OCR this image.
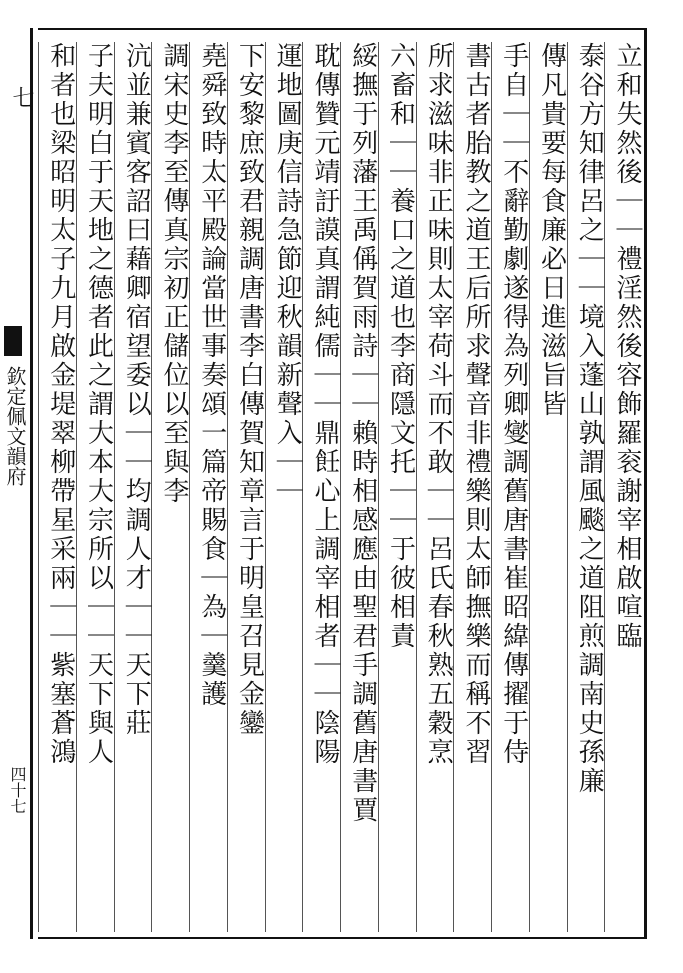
七
欽定佩文韻府
四十七
立和失然後｜｜禮淫然後容飾羅衮謝宰相啟喧臨
泰谷方知律呂之｜｜境入蓬山孰謂風颷之道阻煎調南史孫廉
傳凡貴要每食廉必日進滋旨皆
手自｜｜不辭勤劇遂得為列卿燮調舊唐書崔昭緯傳擢于侍
書古者胎教之道王后所求聲音非禮樂則太師撫樂而稱不習
所求滋味非正味則太宰荷斗而不敢｜｜呂氏春秋熟五穀烹
六畜和｜｜養口之道也李商隱文托｜｜于彼相責
綏撫于列藩王禹偁賀雨詩｜｜賴時相感應由聖君手調舊唐書賈
耽傳贊元靖訏謨真謂純儒｜｜鼎飪心上調宰相者｜｜陰陽
運地圖庚信詩急節迎秋韻新聲入｜｜
下安黎庶致君親調唐書李白傳賀知章言于明皇召見金鑾
堯舜致時太平殿論當世事奏頌一篇帝賜食｜為｜羹護
調宋史李至傳真宗初正儲位以至與李
沆並兼賓客詔曰藉卿宿望委以｜｜均調人才｜｜天下莊
子夫明白于天地之德者此之謂大本大宗所以｜｜天下與人
和者也梁昭明太子九月啟金堤翠柳帶星采兩｜｜紫塞蒼鴻
